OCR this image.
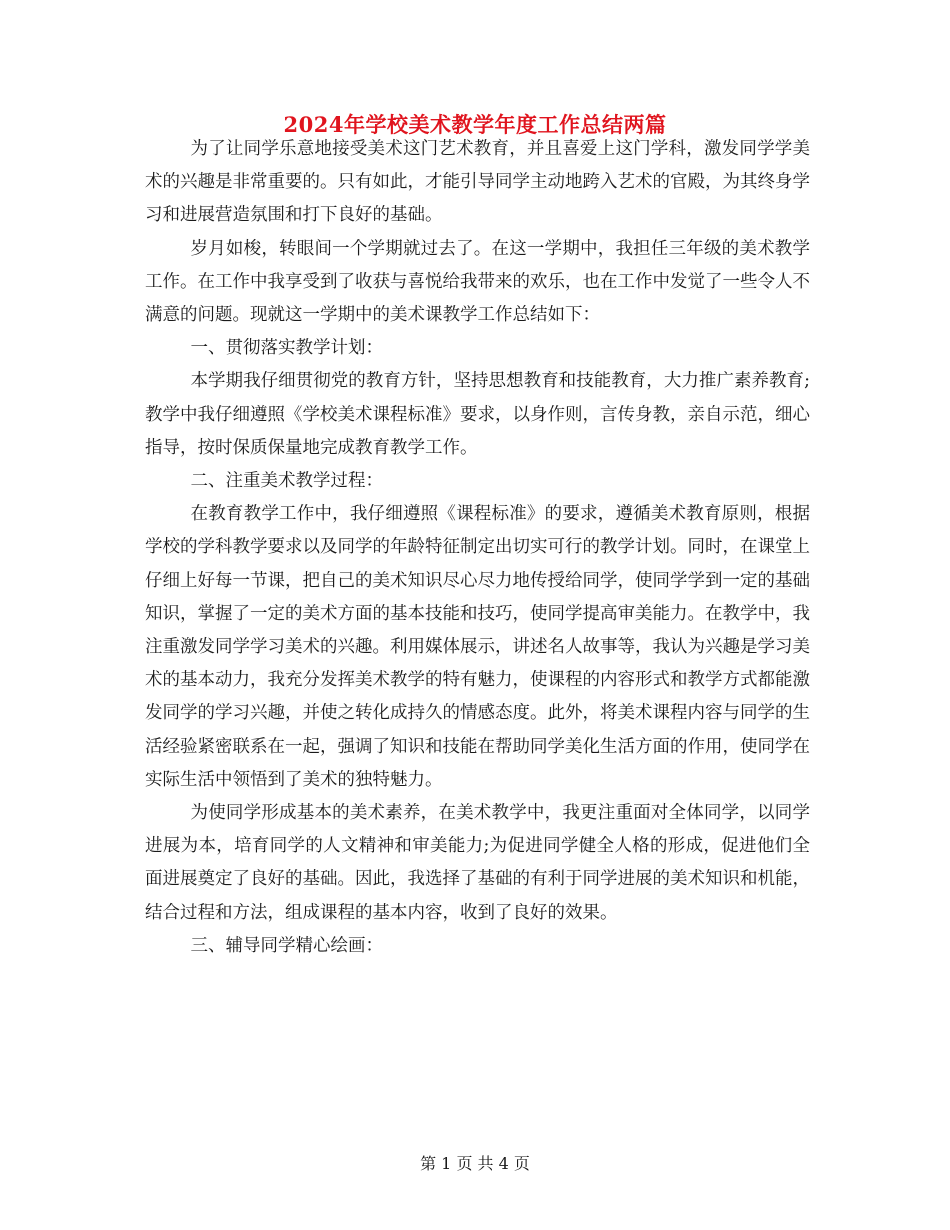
2024年学校美术教学年度工作总结两篇

为了让同学乐意地接受美术这门艺术教育，并且喜爱上这门学科，激发同学学美术的兴趣是非常重要的。只有如此，才能引导同学主动地跨入艺术的官殿，为其终身学习和进展营造氛围和打下良好的基础。

岁月如梭，转眼间一个学期就过去了。在这一学期中，我担任三年级的美术教学工作。在工作中我享受到了收获与喜悦给我带来的欢乐，也在工作中发觉了一些令人不满意的问题。现就这一学期中的美术课教学工作总结如下：

一、贯彻落实教学计划：

本学期我仔细贯彻党的教育方针，坚持思想教育和技能教育，大力推广素养教育;教学中我仔细遵照《学校美术课程标准》要求，以身作则，言传身教，亲自示范，细心指导，按时保质保量地完成教育教学工作。

二、注重美术教学过程：

在教育教学工作中，我仔细遵照《课程标准》的要求，遵循美术教育原则，根据学校的学科教学要求以及同学的年龄特征制定出切实可行的教学计划。同时，在课堂上仔细上好每一节课，把自己的美术知识尽心尽力地传授给同学，使同学学到一定的基础知识，掌握了一定的美术方面的基本技能和技巧，使同学提高审美能力。在教学中，我注重激发同学学习美术的兴趣。利用媒体展示，讲述名人故事等，我认为兴趣是学习美术的基本动力，我充分发挥美术教学的特有魅力，使课程的内容形式和教学方式都能激发同学的学习兴趣，并使之转化成持久的情感态度。此外，将美术课程内容与同学的生活经验紧密联系在一起，强调了知识和技能在帮助同学美化生活方面的作用，使同学在实际生活中领悟到了美术的独特魅力。

为使同学形成基本的美术素养，在美术教学中，我更注重面对全体同学，以同学进展为本，培育同学的人文精神和审美能力;为促进同学健全人格的形成，促进他们全面进展奠定了良好的基础。因此，我选择了基础的有利于同学进展的美术知识和机能，结合过程和方法，组成课程的基本内容，收到了良好的效果。

三、辅导同学精心绘画：

第 1 页 共 4 页
